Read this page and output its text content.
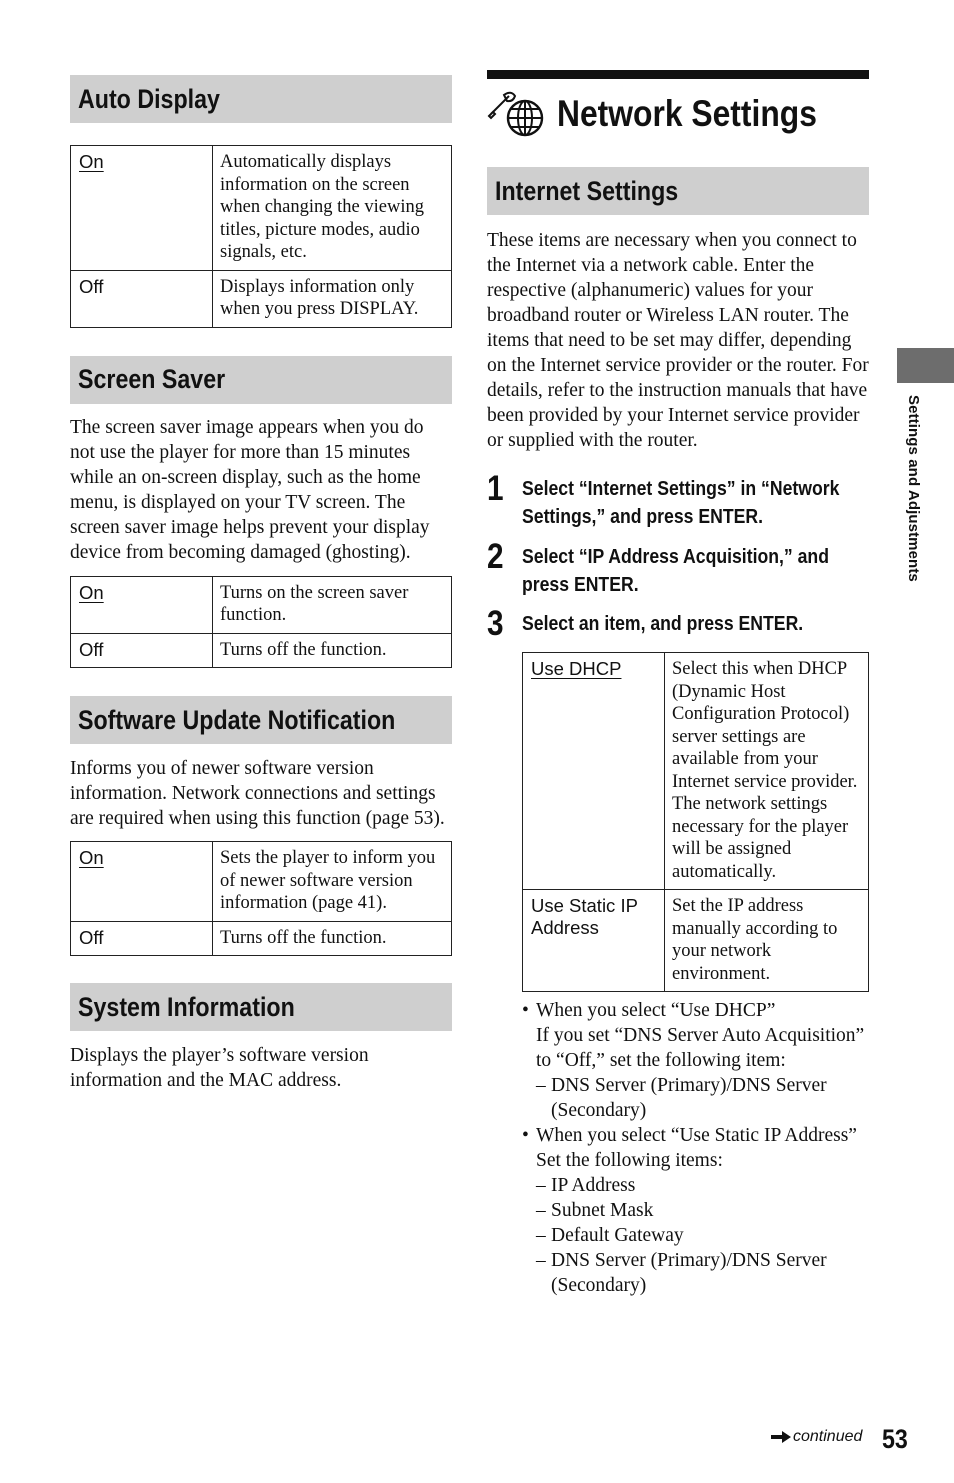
Auto Display
On	Automatically displays information on the screen when changing the viewing titles, picture modes, audio signals, etc.
Off	Displays information only when you press DISPLAY.
Screen Saver

The screen saver image appears when you do not use the player for more than 15 minutes while an on-screen display, such as the home menu, is displayed on your TV screen. The screen saver image helps prevent your display device from becoming damaged (ghosting).

On	Turns on the screen saver function.
Off	Turns off the function.
Software Update Notification

Informs you of newer software version information. Network connections and settings are required when using this function (page 53).

On	Sets the player to inform you of newer software version information (page 41).
Off	Turns off the function.
System Information

Displays the player’s software version information and the MAC address.

Network Settings
Internet Settings

These items are necessary when you connect to the Internet via a network cable. Enter the respective (alphanumeric) values for your broadband router or Wireless LAN router. The items that need to be set may differ, depending on the Internet service provider or the router. For details, refer to the instruction manuals that have been provided by your Internet service provider or supplied with the router.

1 Select “Internet Settings” in “Network Settings,” and press ENTER.
2 Select “IP Address Acquisition,” and press ENTER.
3 Select an item, and press ENTER.
Use DHCP	Select this when DHCP (Dynamic Host Configuration Protocol) server settings are available from your Internet service provider. The network settings necessary for the player will be assigned automatically.
Use Static IP Address	Set the IP address manually according to your network environment.
• When you select “Use DHCP”
If you set “DNS Server Auto Acquisition” to “Off,” set the following item:
– DNS Server (Primary)/DNS Server (Secondary)
• When you select “Use Static IP Address”
Set the following items:
– IP Address
– Subnet Mask
– Default Gateway
– DNS Server (Primary)/DNS Server (Secondary)
Settings and Adjustments
continued 53
